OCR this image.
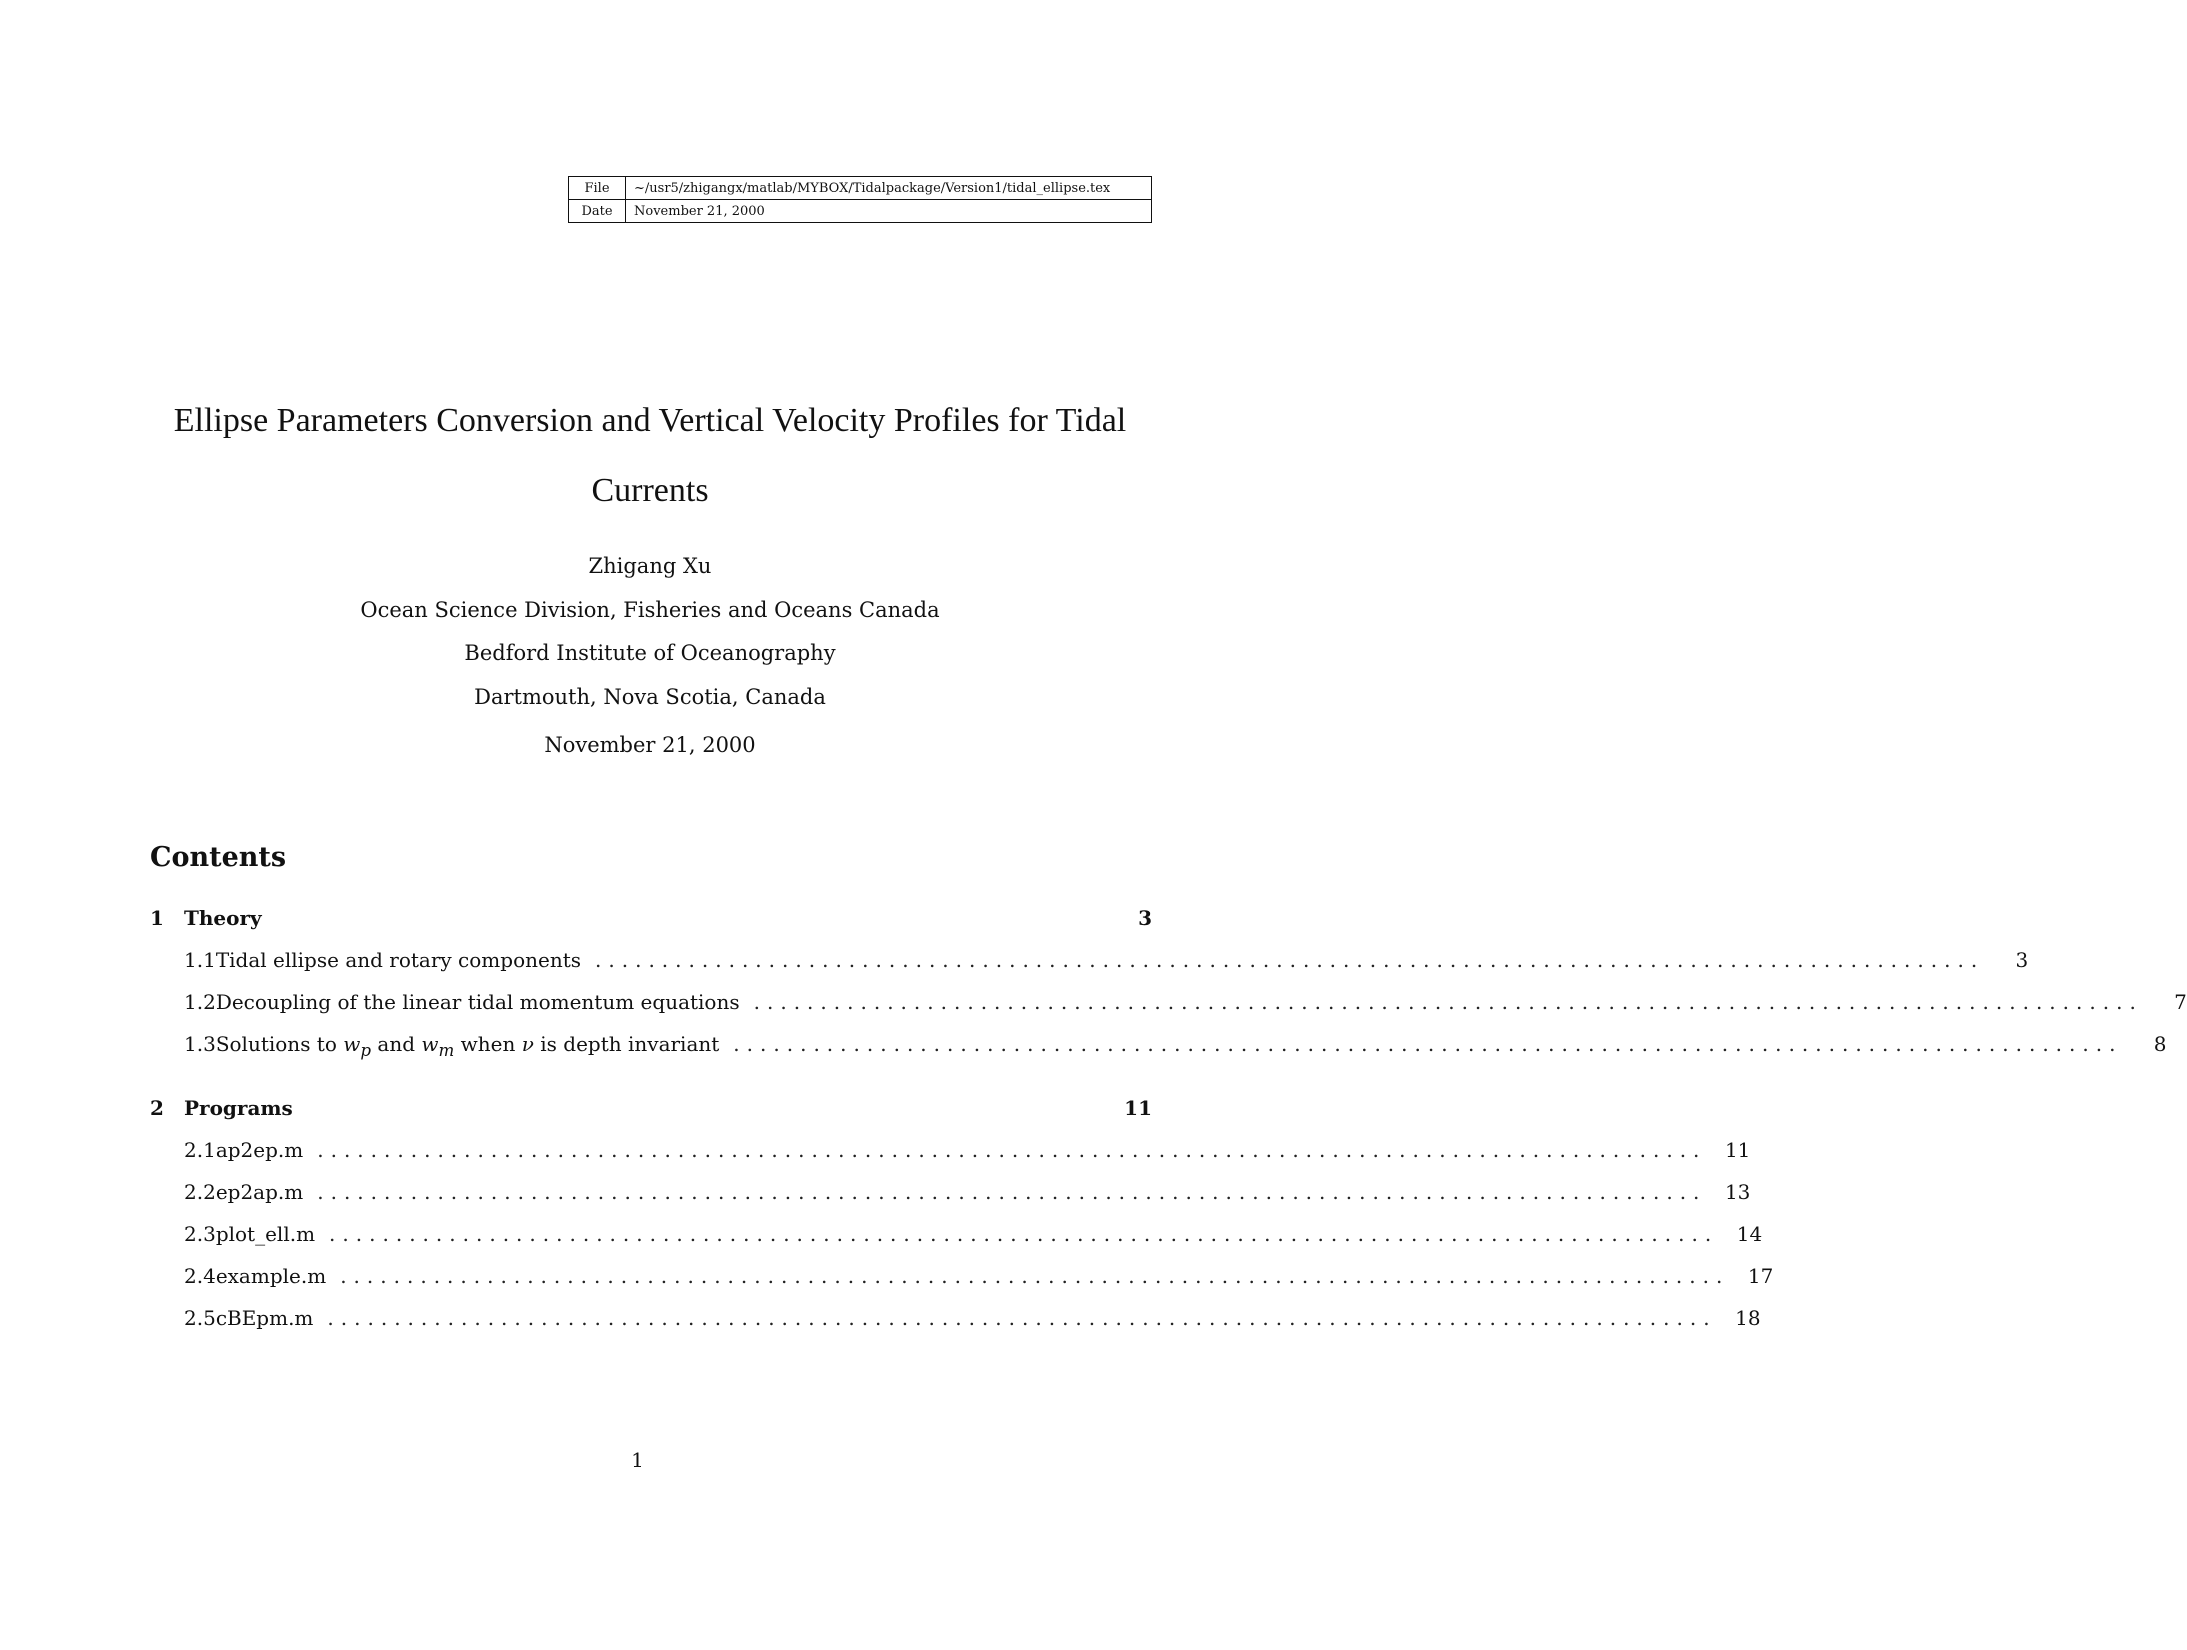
File	~/usr5/zhigangx/matlab/MYBOX/Tidalpackage/Version1/tidal_ellipse.tex
Date	November 21, 2000
Ellipse Parameters Conversion and Vertical Velocity Profiles for Tidal
Currents
Zhigang Xu
Ocean Science Division, Fisheries and Oceans Canada
Bedford Institute of Oceanography
Dartmouth, Nova Scotia, Canada
November 21, 2000
Contents
1	Theory	3
1.1 Tidal ellipse and rotary components ........................................................................................................	3
1.2 Decoupling of the linear tidal momentum equations ........................................................................................................	7
1.3 Solutions to $w_p$ and $w_m$ when ν is depth invariant ........................................................................................................	8
2	Programs	11
2.1 ap2ep.m ........................................................................................................ 11
2.2 ep2ap.m ........................................................................................................ 13
2.3 plot_ell.m ........................................................................................................ 14
2.4 example.m ........................................................................................................ 17
2.5 cBEpm.m ........................................................................................................ 18
1
